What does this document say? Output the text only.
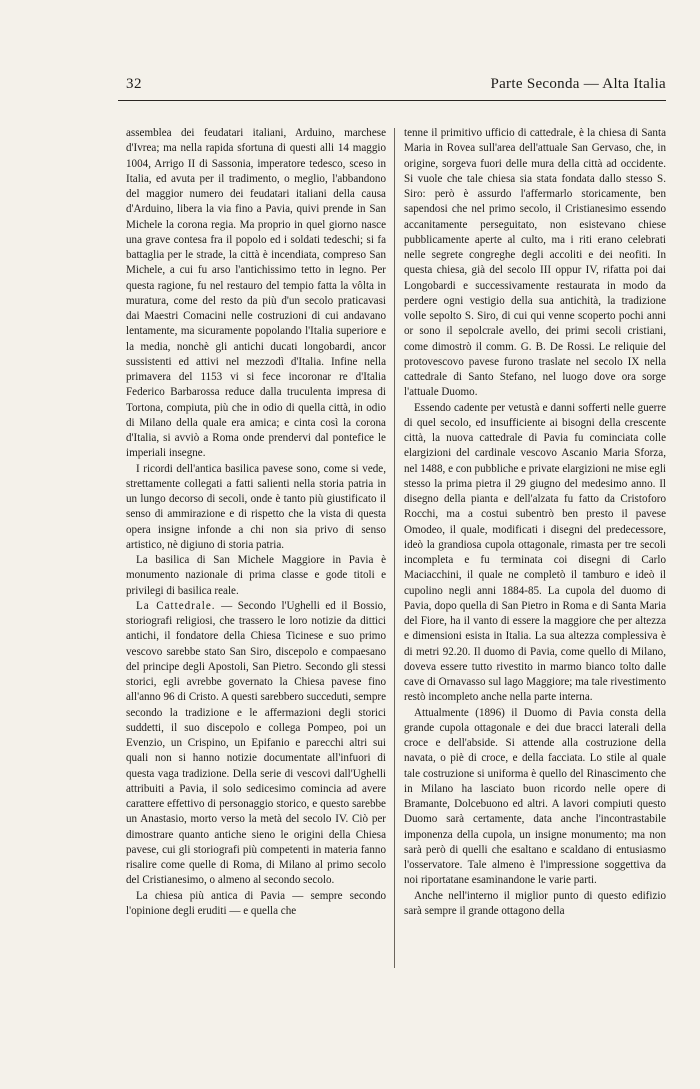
32	Parte Seconda — Alta Italia

assemblea dei feudatari italiani, Arduino, marchese d'Ivrea; ma nella rapida sfortuna di questi alli 14 maggio 1004, Arrigo II di Sassonia, imperatore tedesco, sceso in Italia, ed avuta per il tradimento, o meglio, l'abbandono del maggior numero dei feudatari italiani della causa d'Arduino, libera la via fino a Pavia, quivi prende in San Michele la corona regia. Ma proprio in quel giorno nasce una grave contesa fra il popolo ed i soldati tedeschi; si fa battaglia per le strade, la città è incendiata, compreso San Michele, a cui fu arso l'antichissimo tetto in legno. Per questa ragione, fu nel restauro del tempio fatta la vôlta in muratura, come del resto da più d'un secolo praticavasi dai Maestri Comacini nelle costruzioni di cui andavano lentamente, ma sicuramente popolando l'Italia superiore e la media, nonchè gli antichi ducati longobardi, ancor sussistenti ed attivi nel mezzodì d'Italia. Infine nella primavera del 1153 vi si fece incoronar re d'Italia Federico Barbarossa reduce dalla truculenta impresa di Tortona, compiuta, più che in odio di quella città, in odio di Milano della quale era amica; e cinta così la corona d'Italia, si avviò a Roma onde prendervi dal pontefice le imperiali insegne.

I ricordi dell'antica basilica pavese sono, come si vede, strettamente collegati a fatti salienti nella storia patria in un lungo decorso di secoli, onde è tanto più giustificato il senso di ammirazione e di rispetto che la vista di questa opera insigne infonde a chi non sia privo di senso artistico, nè digiuno di storia patria.

La basilica di San Michele Maggiore in Pavia è monumento nazionale di prima classe e gode titoli e privilegi di basilica reale.

La Cattedrale. — Secondo l'Ughelli ed il Bossio, storiografi religiosi, che trassero le loro notizie da dittici antichi, il fondatore della Chiesa Ticinese e suo primo vescovo sarebbe stato San Siro, discepolo e compaesano del principe degli Apostoli, San Pietro. Secondo gli stessi storici, egli avrebbe governato la Chiesa pavese fino all'anno 96 di Cristo. A questi sarebbero succeduti, sempre secondo la tradizione e le affermazioni degli storici suddetti, il suo discepolo e collega Pompeo, poi un Evenzio, un Crispino, un Epifanio e parecchi altri sui quali non si hanno notizie documentate all'infuori di questa vaga tradizione. Della serie di vescovi dall'Ughelli attribuiti a Pavia, il solo sedicesimo comincia ad avere carattere effettivo di personaggio storico, e questo sarebbe un Anastasio, morto verso la metà del secolo IV. Ciò per dimostrare quanto antiche sieno le origini della Chiesa pavese, cui gli storiografi più competenti in materia fanno risalire come quelle di Roma, di Milano al primo secolo del Cristianesimo, o almeno al secondo secolo.

La chiesa più antica di Pavia — sempre secondo l'opinione degli eruditi — e quella che

tenne il primitivo ufficio di cattedrale, è la chiesa di Santa Maria in Rovea sull'area dell'attuale San Gervaso, che, in origine, sorgeva fuori delle mura della città ad occidente. Si vuole che tale chiesa sia stata fondata dallo stesso S. Siro: però è assurdo l'affermarlo storicamente, ben sapendosi che nel primo secolo, il Cristianesimo essendo accanitamente perseguitato, non esistevano chiese pubblicamente aperte al culto, ma i riti erano celebrati nelle segrete congreghe degli accoliti e dei neofiti. In questa chiesa, già del secolo III oppur IV, rifatta poi dai Longobardi e successivamente restaurata in modo da perdere ogni vestigio della sua antichità, la tradizione volle sepolto S. Siro, di cui qui venne scoperto pochi anni or sono il sepolcrale avello, dei primi secoli cristiani, come dimostrò il comm. G. B. De Rossi. Le reliquie del protovescovo pavese furono traslate nel secolo IX nella cattedrale di Santo Stefano, nel luogo dove ora sorge l'attuale Duomo.

Essendo cadente per vetustà e danni sofferti nelle guerre di quel secolo, ed insufficiente ai bisogni della crescente città, la nuova cattedrale di Pavia fu cominciata colle elargizioni del cardinale vescovo Ascanio Maria Sforza, nel 1488, e con pubbliche e private elargizioni ne mise egli stesso la prima pietra il 29 giugno del medesimo anno. Il disegno della pianta e dell'alzata fu fatto da Cristoforo Rocchi, ma a costui subentrò ben presto il pavese Omodeo, il quale, modificati i disegni del predecessore, ideò la grandiosa cupola ottagonale, rimasta per tre secoli incompleta e fu terminata coi disegni di Carlo Maciacchini, il quale ne completò il tamburo e ideò il cupolino negli anni 1884-85. La cupola del duomo di Pavia, dopo quella di San Pietro in Roma e di Santa Maria del Fiore, ha il vanto di essere la maggiore che per altezza e dimensioni esista in Italia. La sua altezza complessiva è di metri 92.20. Il duomo di Pavia, come quello di Milano, doveva essere tutto rivestito in marmo bianco tolto dalle cave di Ornavasso sul lago Maggiore; ma tale rivestimento restò incompleto anche nella parte interna.

Attualmente (1896) il Duomo di Pavia consta della grande cupola ottagonale e dei due bracci laterali della croce e dell'abside. Si attende alla costruzione della navata, o piè di croce, e della facciata. Lo stile al quale tale costruzione si uniforma è quello del Rinascimento che in Milano ha lasciato buon ricordo nelle opere di Bramante, Dolcebuono ed altri. A lavori compiuti questo Duomo sarà certamente, data anche l'incontrastabile imponenza della cupola, un insigne monumento; ma non sarà però di quelli che esaltano e scaldano di entusiasmo l'osservatore. Tale almeno è l'impressione soggettiva da noi riportatane esaminandone le varie parti.

Anche nell'interno il miglior punto di questo edifizio sarà sempre il grande ottagono della
